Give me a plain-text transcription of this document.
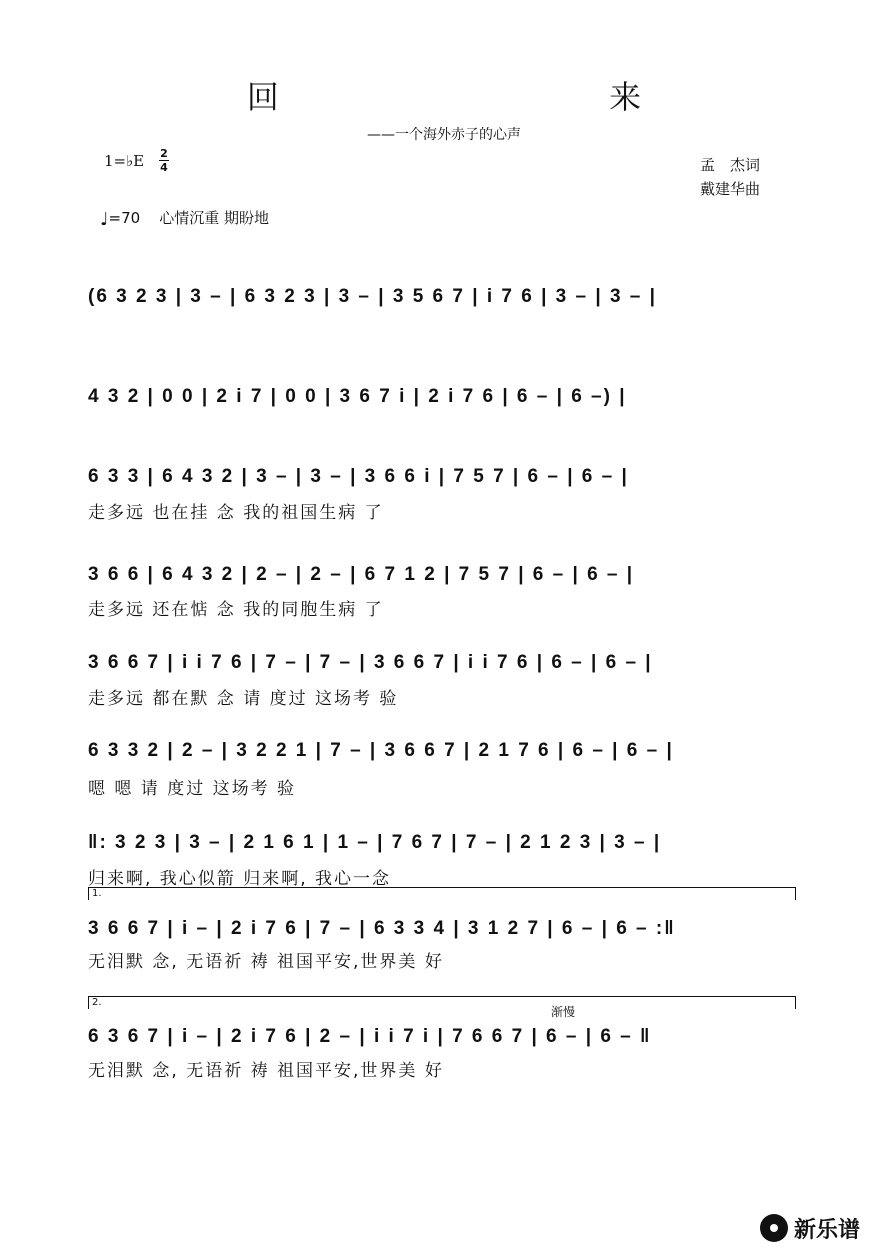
回 来
——一个海外赤子的心声
1=♭E 2
4	孟　杰词
戴建华曲
♩=70 心情沉重 期盼地
(6 3 2 3 | 3 – | 6 3 2 3 | 3 – | 3 5 6 7 | i 7 6 | 3 – | 3 – |
4 3 2 | 0 0 | 2 i 7 | 0 0 | 3 6 7 i | 2 i 7 6 | 6 – | 6 –) |
6 3 3 | 6 4 3 2 | 3 – | 3 – | 3 6 6 i | 7 5 7 | 6 – | 6 – |
走多远 也在挂 念 我的祖国生病 了
3 6 6 | 6 4 3 2 | 2 – | 2 – | 6 7 1 2 | 7 5 7 | 6 – | 6 – |
走多远 还在惦 念 我的同胞生病 了
3 6 6 7 | i i 7 6 | 7 – | 7 – | 3 6 6 7 | i i 7 6 | 6 – | 6 – |
走多远 都在默 念 请 度过 这场考 验
6 3 3 2 | 2 – | 3 2 2 1 | 7 – | 3 6 6 7 | 2 1 7 6 | 6 – | 6 – |
嗯 嗯 请 度过 这场考 验
‖: 3 2 3 | 3 – | 2 1 6 1 | 1 – | 7 6 7 | 7 – | 2 1 2 3 | 3 – |
归来啊, 我心似箭 归来啊, 我心一念
1.
3 6 6 7 | i – | 2 i 7 6 | 7 – | 6 3 3 4 | 3 1 2 7 | 6 – | 6 – :‖
无泪默 念, 无语祈 祷 祖国平安,世界美 好
2.
渐慢
6 3 6 7 | i – | 2 i 7 6 | 2 – | i i 7 i | 7 6 6 7 | 6 – | 6 – ‖
无泪默 念, 无语祈 祷 祖国平安,世界美 好
新乐谱
